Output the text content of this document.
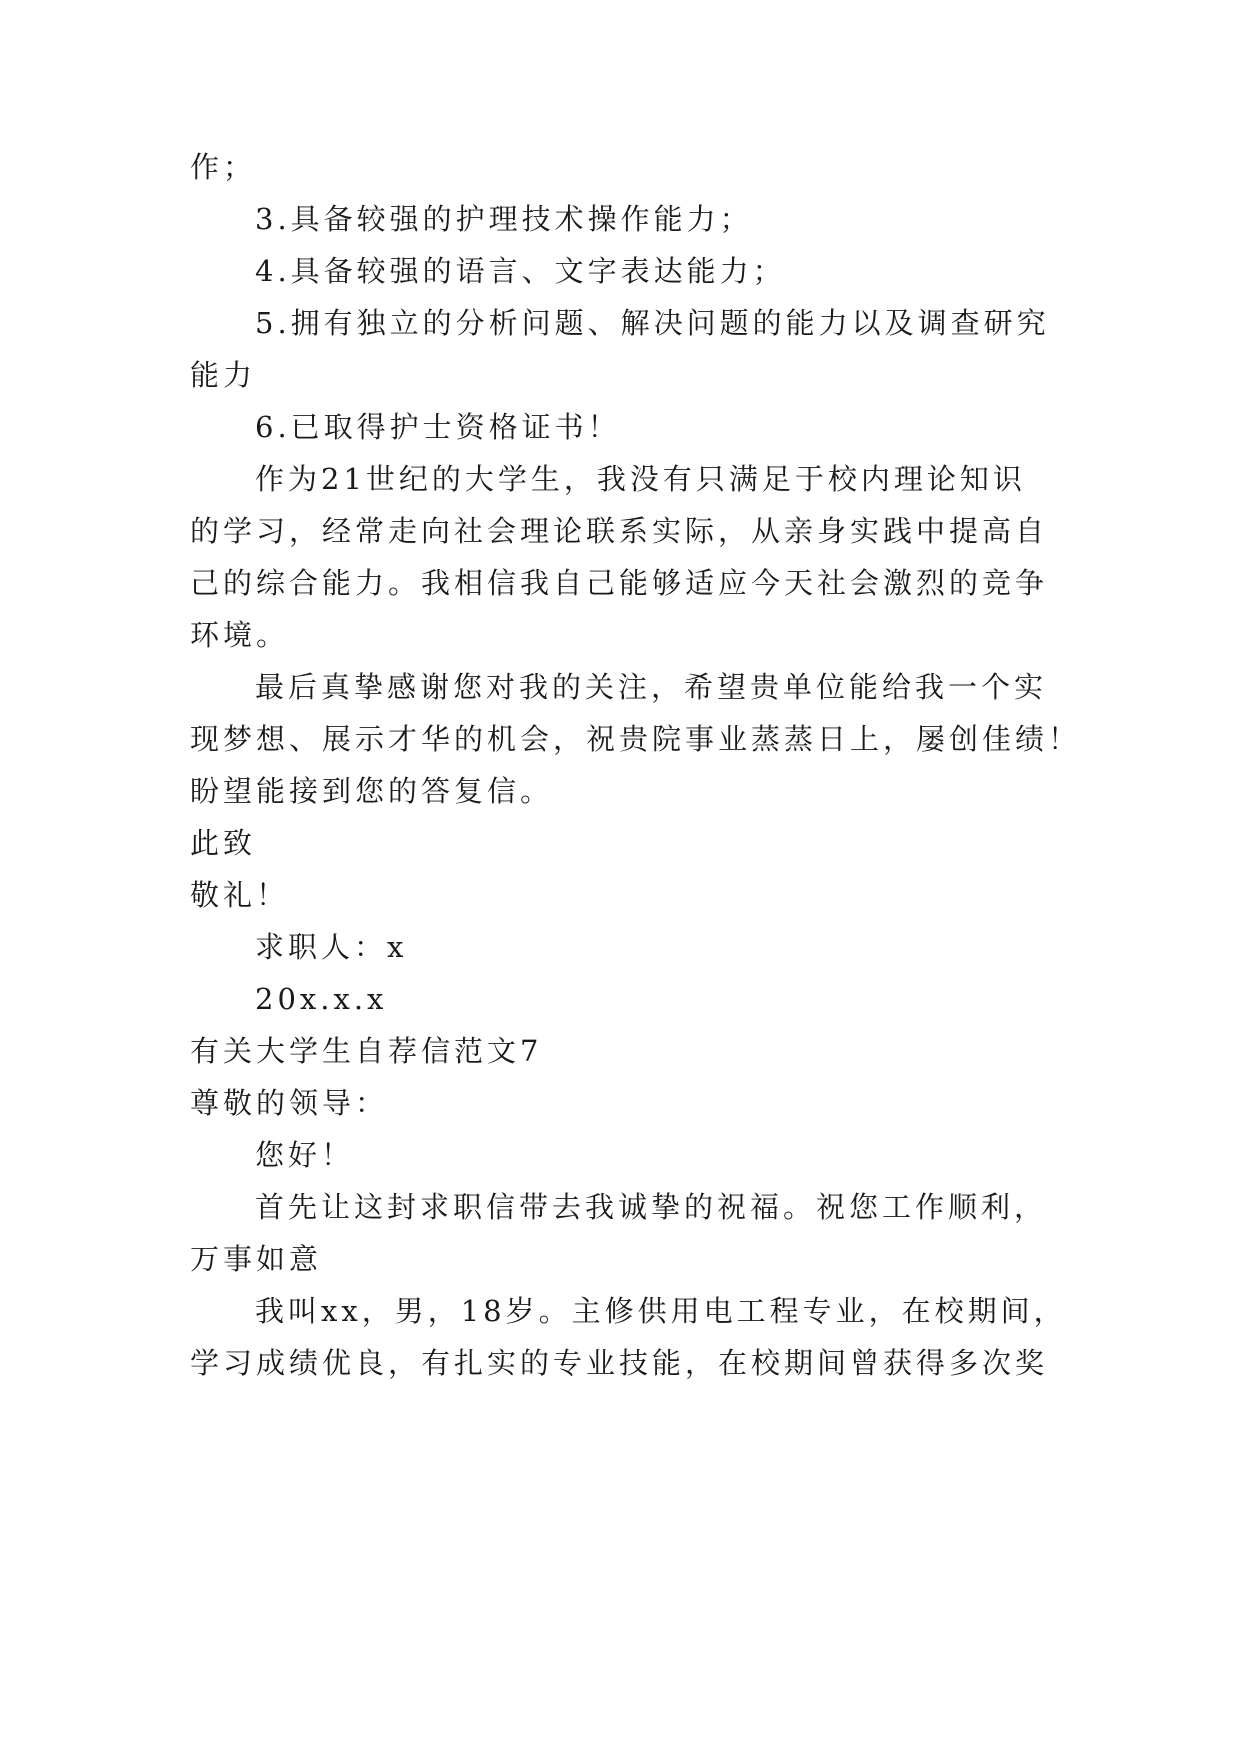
作；
3.具备较强的护理技术操作能力；
4.具备较强的语言、文字表达能力；
5.拥有独立的分析问题、解决问题的能力以及调查研究
能力
6.已取得护士资格证书！
作为21世纪的大学生，我没有只满足于校内理论知识
的学习，经常走向社会理论联系实际，从亲身实践中提高自
己的综合能力。我相信我自己能够适应今天社会激烈的竞争
环境。
最后真挚感谢您对我的关注，希望贵单位能给我一个实
现梦想、展示才华的机会，祝贵院事业蒸蒸日上，屡创佳绩！
盼望能接到您的答复信。
此致
敬礼！
求职人：x
20x.x.x
有关大学生自荐信范文7
尊敬的领导：
您好！
首先让这封求职信带去我诚挚的祝福。祝您工作顺利，
万事如意
我叫xx，男，18岁。主修供用电工程专业，在校期间，
学习成绩优良，有扎实的专业技能，在校期间曾获得多次奖
